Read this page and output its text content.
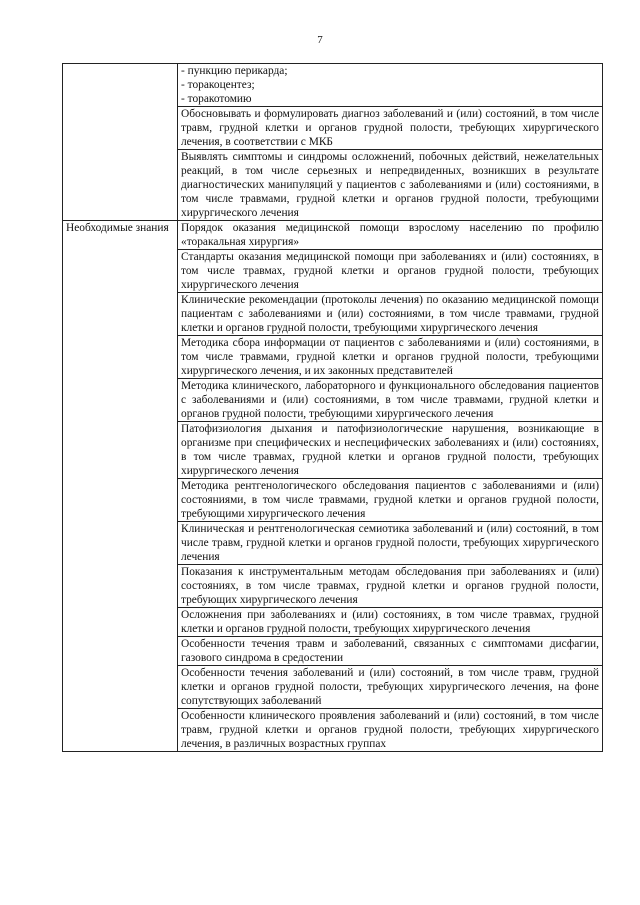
7

	- пункцию перикарда;
- торакоцентез;
- торакотомию

	Обосновывать и формулировать диагноз заболеваний и (или) состояний, в том числе травм, грудной клетки и органов грудной полости, требующих хирургического лечения, в соответствии с МКБ
	Выявлять симптомы и синдромы осложнений, побочных действий, нежелательных реакций, в том числе серьезных и непредвиденных, возникших в результате диагностических манипуляций у пациентов с заболеваниями и (или) состояниями, в том числе травмами, грудной клетки и органов грудной полости, требующими хирургического лечения
Необходимые знания	Порядок оказания медицинской помощи взрослому населению по профилю «торакальная хирургия»
	Стандарты оказания медицинской помощи при заболеваниях и (или) состояниях, в том числе травмах, грудной клетки и органов грудной полости, требующих хирургического лечения
	Клинические рекомендации (протоколы лечения) по оказанию медицинской помощи пациентам с заболеваниями и (или) состояниями, в том числе травмами, грудной клетки и органов грудной полости, требующими хирургического лечения
	Методика сбора информации от пациентов с заболеваниями и (или) состояниями, в том числе травмами, грудной клетки и органов грудной полости, требующими хирургического лечения, и их законных представителей
	Методика клинического, лабораторного и функционального обследования пациентов с заболеваниями и (или) состояниями, в том числе травмами, грудной клетки и органов грудной полости, требующими хирургического лечения
	Патофизиология дыхания и патофизиологические нарушения, возникающие в организме при специфических и неспецифических заболеваниях и (или) состояниях, в том числе травмах, грудной клетки и органов грудной полости, требующих хирургического лечения
	Методика рентгенологического обследования пациентов с заболеваниями и (или) состояниями, в том числе травмами, грудной клетки и органов грудной полости, требующими хирургического лечения
	Клиническая и рентгенологическая семиотика заболеваний и (или) состояний, в том числе травм, грудной клетки и органов грудной полости, требующих хирургического лечения
	Показания к инструментальным методам обследования при заболеваниях и (или) состояниях, в том числе травмах, грудной клетки и органов грудной полости, требующих хирургического лечения
	Осложнения при заболеваниях и (или) состояниях, в том числе травмах, грудной клетки и органов грудной полости, требующих хирургического лечения
	Особенности течения травм и заболеваний, связанных с симптомами дисфагии, газового синдрома в средостении
	Особенности течения заболеваний и (или) состояний, в том числе травм, грудной клетки и органов грудной полости, требующих хирургического лечения, на фоне сопутствующих заболеваний
	Особенности клинического проявления заболеваний и (или) состояний, в том числе травм, грудной клетки и органов грудной полости, требующих хирургического лечения, в различных возрастных группах
